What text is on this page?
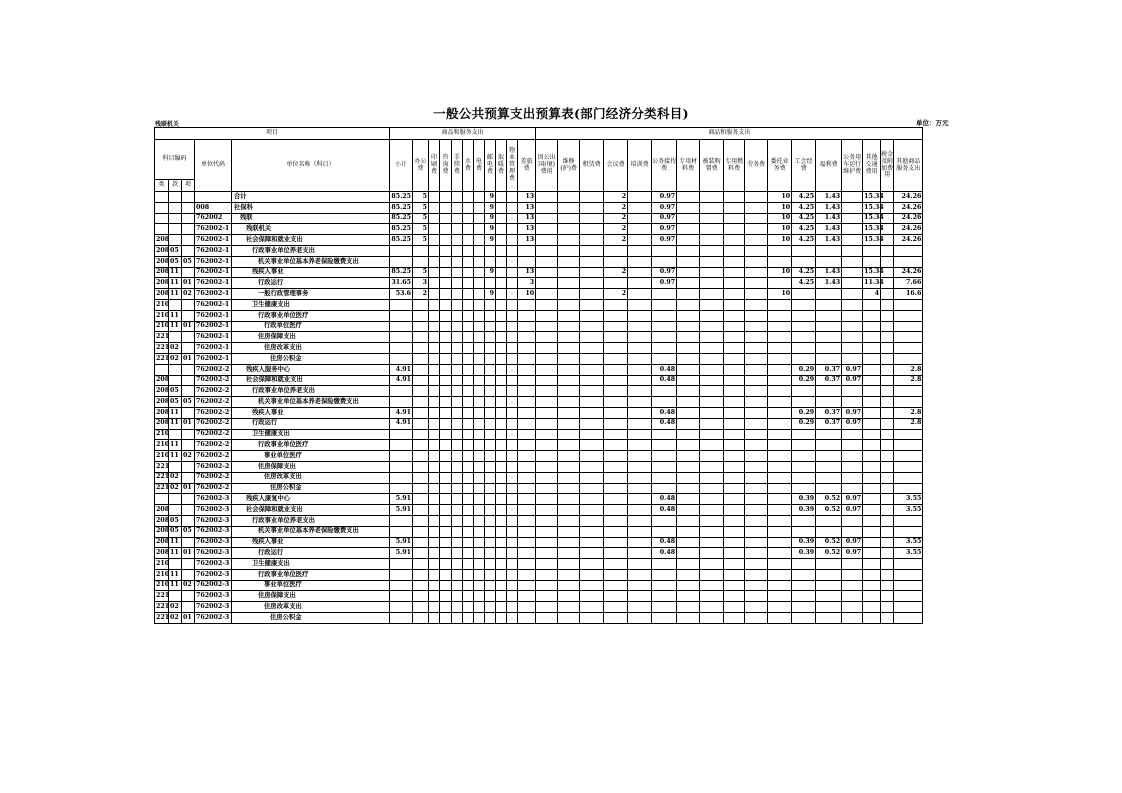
一般公共预算支出预算表(部门经济分类科目)
残联机关	单位：万元
项目					商品和服务支出											商品和服务支出																
科目编码			单位代码	单位名称（科目）	小计	办公费	印刷费	咨询费	手续费	水费	电费	邮电费	取暖费	物业管理费	差旅费	因公出国(境)费用	维修(护)费	租赁费	会议费	培训费	公务接待费	专用材料费	被装购置费	专用燃料费	劳务费	委托业务费	工会经费	福利费	公务用车运行维护费	其他交通费用	税金及附加费用	其他商品服务支出
类	款	项																														
				合计	85.25	5						9			13				2		0.97					10	4.25	1.43		15.34		24.26
			008	社保科	85.25	5						9			13				2		0.97					10	4.25	1.43		15.34		24.26
			762002	残联	85.25	5						9			13				2		0.97					10	4.25	1.43		15.34		24.26
			762002-1	残联机关	85.25	5						9			13				2		0.97					10	4.25	1.43		15.34		24.26
208			762002-1	社会保障和就业支出	85.25	5						9			13				2		0.97					10	4.25	1.43		15.34		24.26
208	05		762002-1	行政事业单位养老支出																												
208	05	05	762002-1	机关事业单位基本养老保险缴费支出																												
208	11		762002-1	残疾人事业	85.25	5						9			13				2		0.97					10	4.25	1.43		15.34		24.26
208	11	01	762002-1	行政运行	31.65	3									3						0.97						4.25	1.43		11.34		7.66
208	11	02	762002-1	一般行政管理事务	53.6	2						9			10				2							10				4		16.6
210			762002-1	卫生健康支出																												
210	11		762002-1	行政事业单位医疗																												
210	11	01	762002-1	行政单位医疗																												
221			762002-1	住房保障支出																												
221	02		762002-1	住房改革支出																												
221	02	01	762002-1	住房公积金																												
			762002-2	残疾人服务中心	4.91																0.48						0.29	0.37	0.97			2.8
208			762002-2	社会保障和就业支出	4.91																0.48						0.29	0.37	0.97			2.8
208	05		762002-2	行政事业单位养老支出																												
208	05	05	762002-2	机关事业单位基本养老保险缴费支出																												
208	11		762002-2	残疾人事业	4.91																0.48						0.29	0.37	0.97			2.8
208	11	01	762002-2	行政运行	4.91																0.48						0.29	0.37	0.97			2.8
210			762002-2	卫生健康支出																												
210	11		762002-2	行政事业单位医疗																												
210	11	02	762002-2	事业单位医疗																												
221			762002-2	住房保障支出																												
221	02		762002-2	住房改革支出																												
221	02	01	762002-2	住房公积金																												
			762002-3	残疾人康复中心	5.91																0.48						0.39	0.52	0.97			3.55
208			762002-3	社会保障和就业支出	5.91																0.48						0.39	0.52	0.97			3.55
208	05		762002-3	行政事业单位养老支出																												
208	05	05	762002-3	机关事业单位基本养老保险缴费支出																												
208	11		762002-3	残疾人事业	5.91																0.48						0.39	0.52	0.97			3.55
208	11	01	762002-3	行政运行	5.91																0.48						0.39	0.52	0.97			3.55
210			762002-3	卫生健康支出																												
210	11		762002-3	行政事业单位医疗																												
210	11	02	762002-3	事业单位医疗																												
221			762002-3	住房保障支出																												
221	02		762002-3	住房改革支出																												
221	02	01	762002-3	住房公积金																												
